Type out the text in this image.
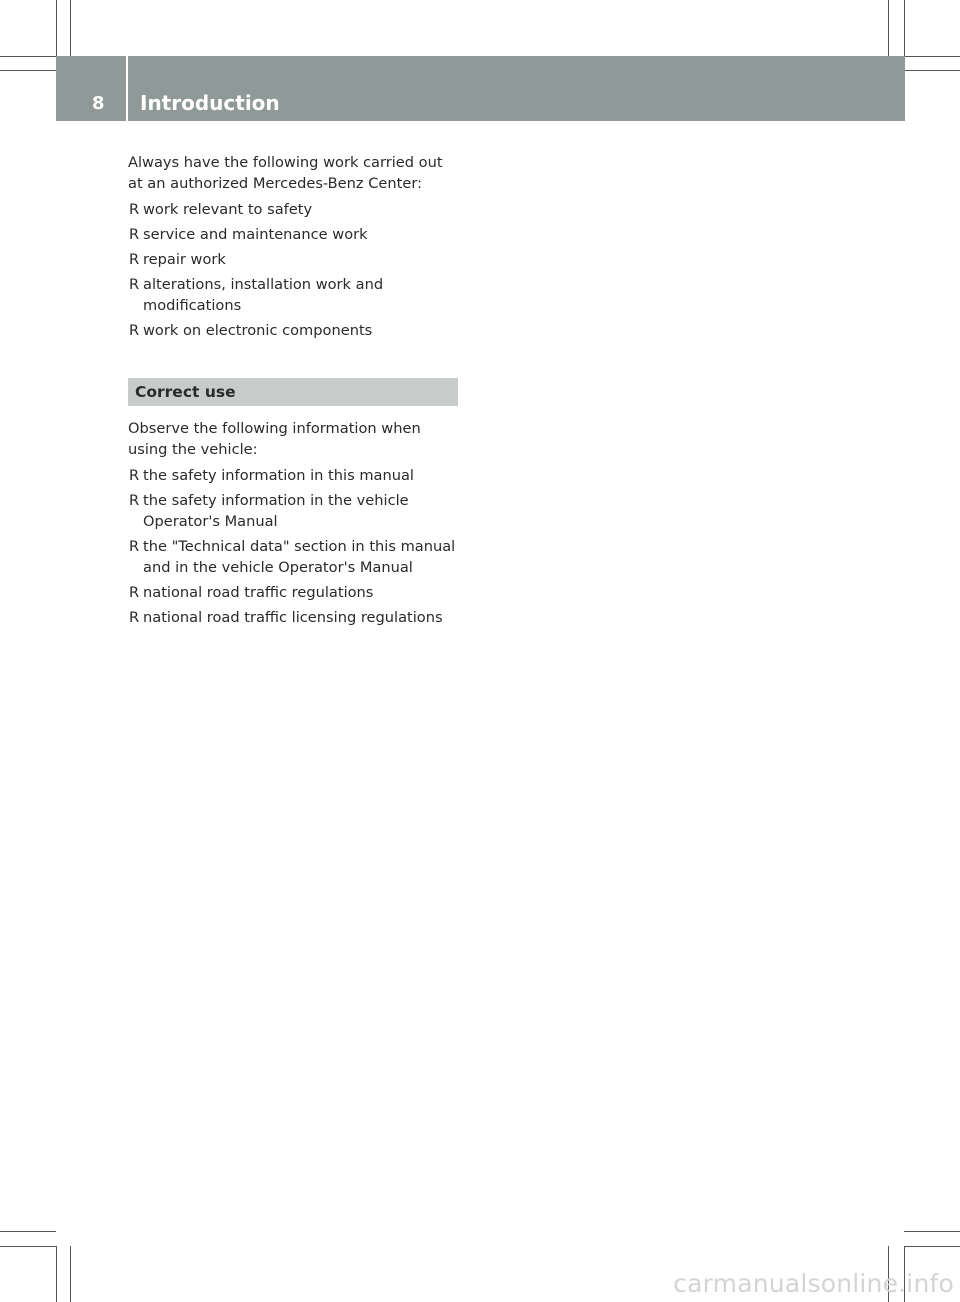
8 Introduction

Always have the following work carried out at an authorized Mercedes-Benz Center:

R work relevant to safety
R service and maintenance work
R repair work
R alterations, installation work and modifications
R work on electronic components
Correct use

Observe the following information when using the vehicle:

R the safety information in this manual
R the safety information in the vehicle Operator's Manual
R the "Technical data" section in this manual and in the vehicle Operator's Manual
R national road traffic regulations
R national road traffic licensing regulations
carmanualsonline.info
